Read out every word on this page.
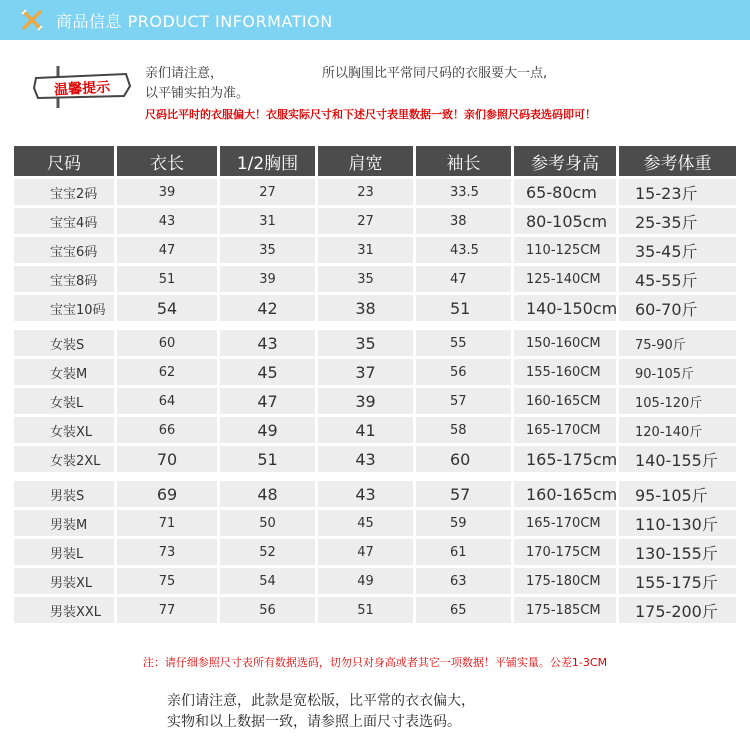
商品信息 PRODUCT INFORMATION
温馨提示
亲们请注意，	所以胸围比平常同尺码的衣服要大一点,
以平铺实拍为准。
尺码比平时的衣服偏大！衣服实际尺寸和下述尺寸表里数据一致！亲们参照尺码表选码即可！
尺码	衣长	1/2胸围	肩宽	袖长	参考身高	参考体重
宝宝2码	39	27	23	33.5	65-80cm	15-23斤
宝宝4码	43	31	27	38	80-105cm	25-35斤
宝宝6码	47	35	31	43.5	110-125CM	35-45斤
宝宝8码	51	39	35	47	125-140CM	45-55斤
宝宝10码	54	42	38	51	140-150cm	60-70斤
女装S	60	43	35	55	150-160CM	75-90斤
女装M	62	45	37	56	155-160CM	90-105斤
女装L	64	47	39	57	160-165CM	105-120斤
女装XL	66	49	41	58	165-170CM	120-140斤
女装2XL	70	51	43	60	165-175cm	140-155斤
男装S	69	48	43	57	160-165cm	95-105斤
男装M	71	50	45	59	165-170CM	110-130斤
男装L	73	52	47	61	170-175CM	130-155斤
男装XL	75	54	49	63	175-180CM	155-175斤
男装XXL	77	56	51	65	175-185CM	175-200斤
注：请仔细参照尺寸表所有数据选码，切勿只对身高或者其它一项数据！平铺实量。公差1-3CM
亲们请注意，此款是宽松版，比平常的衣衣偏大，
实物和以上数据一致，请参照上面尺寸表选码。
